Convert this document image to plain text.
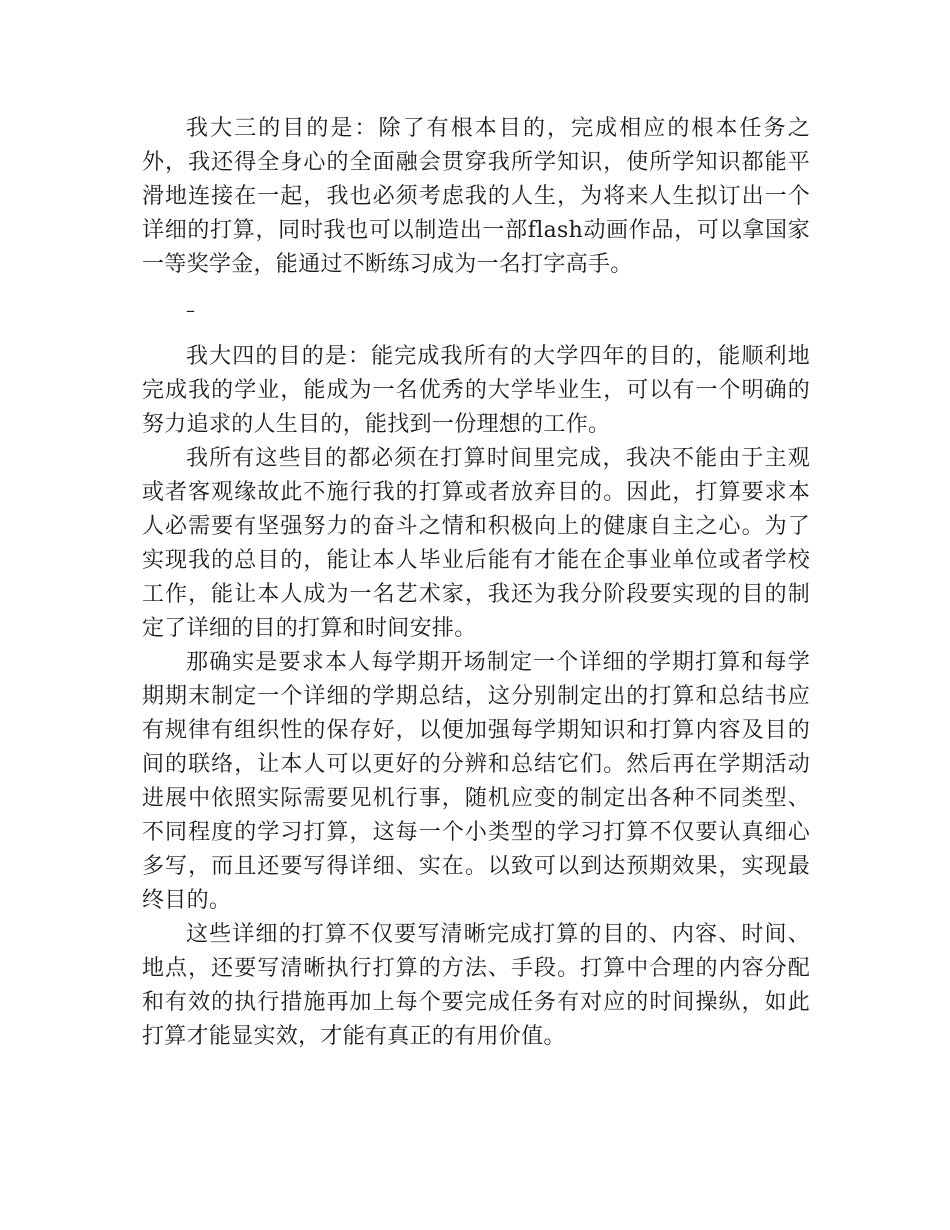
我大三的目的是：除了有根本目的，完成相应的根本任务之外，我还得全身心的全面融会贯穿我所学知识，使所学知识都能平滑地连接在一起，我也必须考虑我的人生，为将来人生拟订出一个详细的打算，同时我也可以制造出一部flash动画作品，可以拿国家一等奖学金，能通过不断练习成为一名打字高手。

–

我大四的目的是：能完成我所有的大学四年的目的，能顺利地完成我的学业，能成为一名优秀的大学毕业生，可以有一个明确的努力追求的人生目的，能找到一份理想的工作。

我所有这些目的都必须在打算时间里完成，我决不能由于主观或者客观缘故此不施行我的打算或者放弃目的。因此，打算要求本人必需要有坚强努力的奋斗之情和积极向上的健康自主之心。为了实现我的总目的，能让本人毕业后能有才能在企事业单位或者学校工作，能让本人成为一名艺术家，我还为我分阶段要实现的目的制定了详细的目的打算和时间安排。

那确实是要求本人每学期开场制定一个详细的学期打算和每学期期末制定一个详细的学期总结，这分别制定出的打算和总结书应有规律有组织性的保存好，以便加强每学期知识和打算内容及目的间的联络，让本人可以更好的分辨和总结它们。然后再在学期活动进展中依照实际需要见机行事，随机应变的制定出各种不同类型、不同程度的学习打算，这每一个小类型的学习打算不仅要认真细心多写，而且还要写得详细、实在。以致可以到达预期效果，实现最终目的。

这些详细的打算不仅要写清晰完成打算的目的、内容、时间、地点，还要写清晰执行打算的方法、手段。打算中合理的内容分配和有效的执行措施再加上每个要完成任务有对应的时间操纵，如此打算才能显实效，才能有真正的有用价值。
